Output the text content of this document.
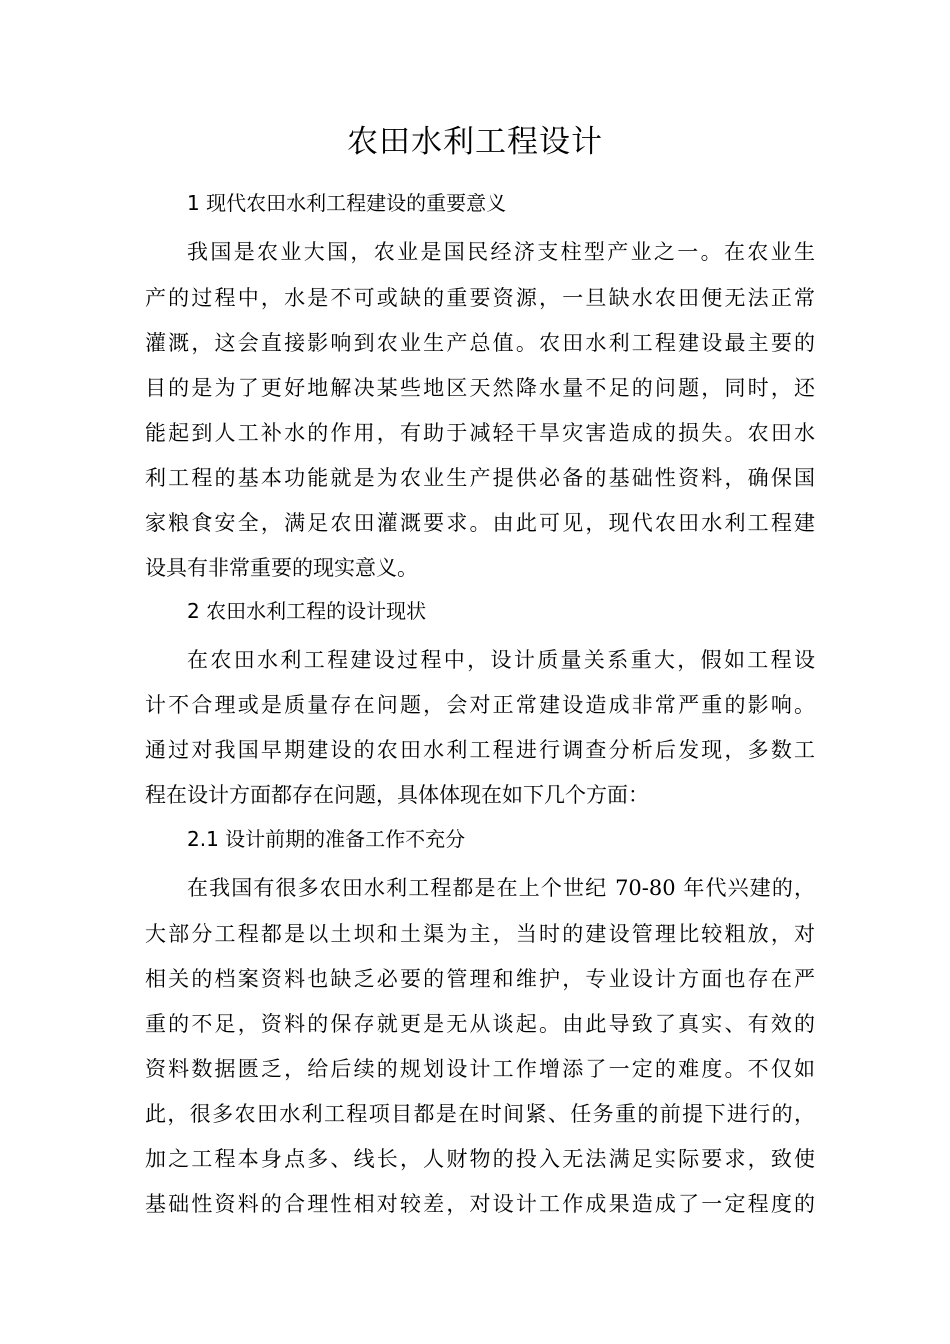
农田水利工程设计
1 现代农田水利工程建设的重要意义
我国是农业大国，农业是国民经济支柱型产业之一。在农业生
产的过程中，水是不可或缺的重要资源，一旦缺水农田便无法正常
灌溉，这会直接影响到农业生产总值。农田水利工程建设最主要的
目的是为了更好地解决某些地区天然降水量不足的问题，同时，还
能起到人工补水的作用，有助于减轻干旱灾害造成的损失。农田水
利工程的基本功能就是为农业生产提供必备的基础性资料，确保国
家粮食安全，满足农田灌溉要求。由此可见，现代农田水利工程建
设具有非常重要的现实意义。
2 农田水利工程的设计现状
在农田水利工程建设过程中，设计质量关系重大，假如工程设
计不合理或是质量存在问题，会对正常建设造成非常严重的影响。
通过对我国早期建设的农田水利工程进行调查分析后发现，多数工
程在设计方面都存在问题，具体体现在如下几个方面：
2.1 设计前期的准备工作不充分
在我国有很多农田水利工程都是在上个世纪 70-80 年代兴建的，
大部分工程都是以土坝和土渠为主，当时的建设管理比较粗放，对
相关的档案资料也缺乏必要的管理和维护，专业设计方面也存在严
重的不足，资料的保存就更是无从谈起。由此导致了真实、有效的
资料数据匮乏，给后续的规划设计工作增添了一定的难度。不仅如
此，很多农田水利工程项目都是在时间紧、任务重的前提下进行的，
加之工程本身点多、线长，人财物的投入无法满足实际要求，致使
基础性资料的合理性相对较差，对设计工作成果造成了一定程度的
